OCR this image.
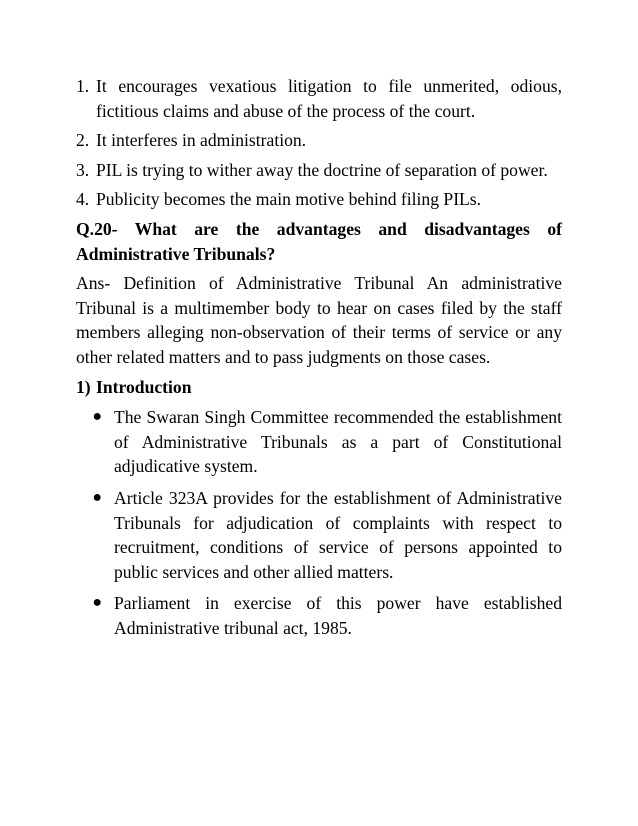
1. It encourages vexatious litigation to file unmerited, odious, fictitious claims and abuse of the process of the court.
2. It interferes in administration.
3. PIL is trying to wither away the doctrine of separation of power.
4. Publicity becomes the main motive behind filing PILs.

Q.20- What are the advantages and disadvantages of Administrative Tribunals?

Ans- Definition of Administrative Tribunal An administrative Tribunal is a multimember body to hear on cases filed by the staff members alleging non-observation of their terms of service or any other related matters and to pass judgments on those cases.

1) Introduction
● The Swaran Singh Committee recommended the establishment of Administrative Tribunals as a part of Constitutional adjudicative system.
● Article 323A provides for the establishment of Administrative Tribunals for adjudication of complaints with respect to recruitment, conditions of service of persons appointed to public services and other allied matters.
● Parliament in exercise of this power have established Administrative tribunal act, 1985.
